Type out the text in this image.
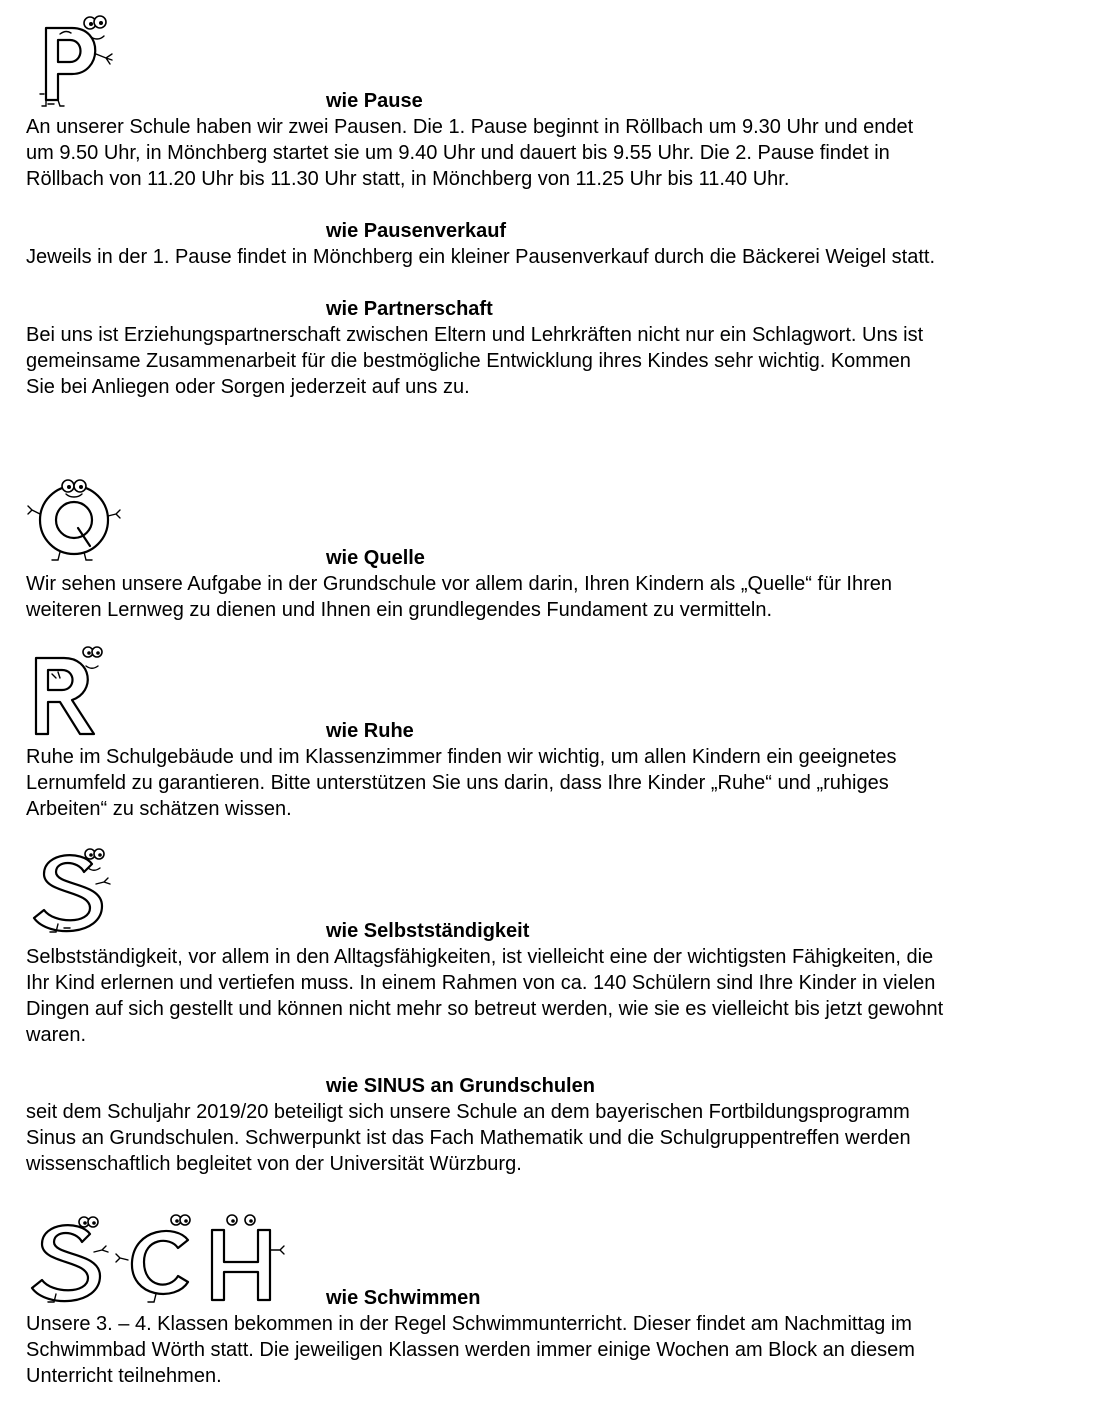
wie Pause

An unserer Schule haben wir zwei Pausen. Die 1. Pause beginnt in Röllbach um 9.30 Uhr und endet
um 9.50 Uhr, in Mönchberg startet sie um 9.40 Uhr und dauert bis 9.55 Uhr. Die 2. Pause findet in
Röllbach von 11.20 Uhr bis 11.30 Uhr statt, in Mönchberg von 11.25 Uhr bis 11.40 Uhr.

wie Pausenverkauf

Jeweils in der 1. Pause findet in Mönchberg ein kleiner Pausenverkauf durch die Bäckerei Weigel statt.

wie Partnerschaft

Bei uns ist Erziehungspartnerschaft zwischen Eltern und Lehrkräften nicht nur ein Schlagwort. Uns ist
gemeinsame Zusammenarbeit für die bestmögliche Entwicklung ihres Kindes sehr wichtig. Kommen
Sie bei Anliegen oder Sorgen jederzeit auf uns zu.

wie Quelle

Wir sehen unsere Aufgabe in der Grundschule vor allem darin, Ihren Kindern als „Quelle“ für Ihren
weiteren Lernweg zu dienen und Ihnen ein grundlegendes Fundament zu vermitteln.

wie Ruhe

Ruhe im Schulgebäude und im Klassenzimmer finden wir wichtig, um allen Kindern ein geeignetes
Lernumfeld zu garantieren. Bitte unterstützen Sie uns darin, dass Ihre Kinder „Ruhe“ und „ruhiges
Arbeiten“ zu schätzen wissen.

wie Selbstständigkeit

Selbstständigkeit, vor allem in den Alltagsfähigkeiten, ist vielleicht eine der wichtigsten Fähigkeiten, die
Ihr Kind erlernen und vertiefen muss. In einem Rahmen von ca. 140 Schülern sind Ihre Kinder in vielen
Dingen auf sich gestellt und können nicht mehr so betreut werden, wie sie es vielleicht bis jetzt gewohnt
waren.

wie SINUS an Grundschulen

seit dem Schuljahr 2019/20 beteiligt sich unsere Schule an dem bayerischen Fortbildungsprogramm
Sinus an Grundschulen. Schwerpunkt ist das Fach Mathematik und die Schulgruppentreffen werden
wissenschaftlich begleitet von der Universität Würzburg.

wie Schwimmen

Unsere 3. – 4. Klassen bekommen in der Regel Schwimmunterricht. Dieser findet am Nachmittag im
Schwimmbad Wörth statt. Die jeweiligen Klassen werden immer einige Wochen am Block an diesem
Unterricht teilnehmen.
